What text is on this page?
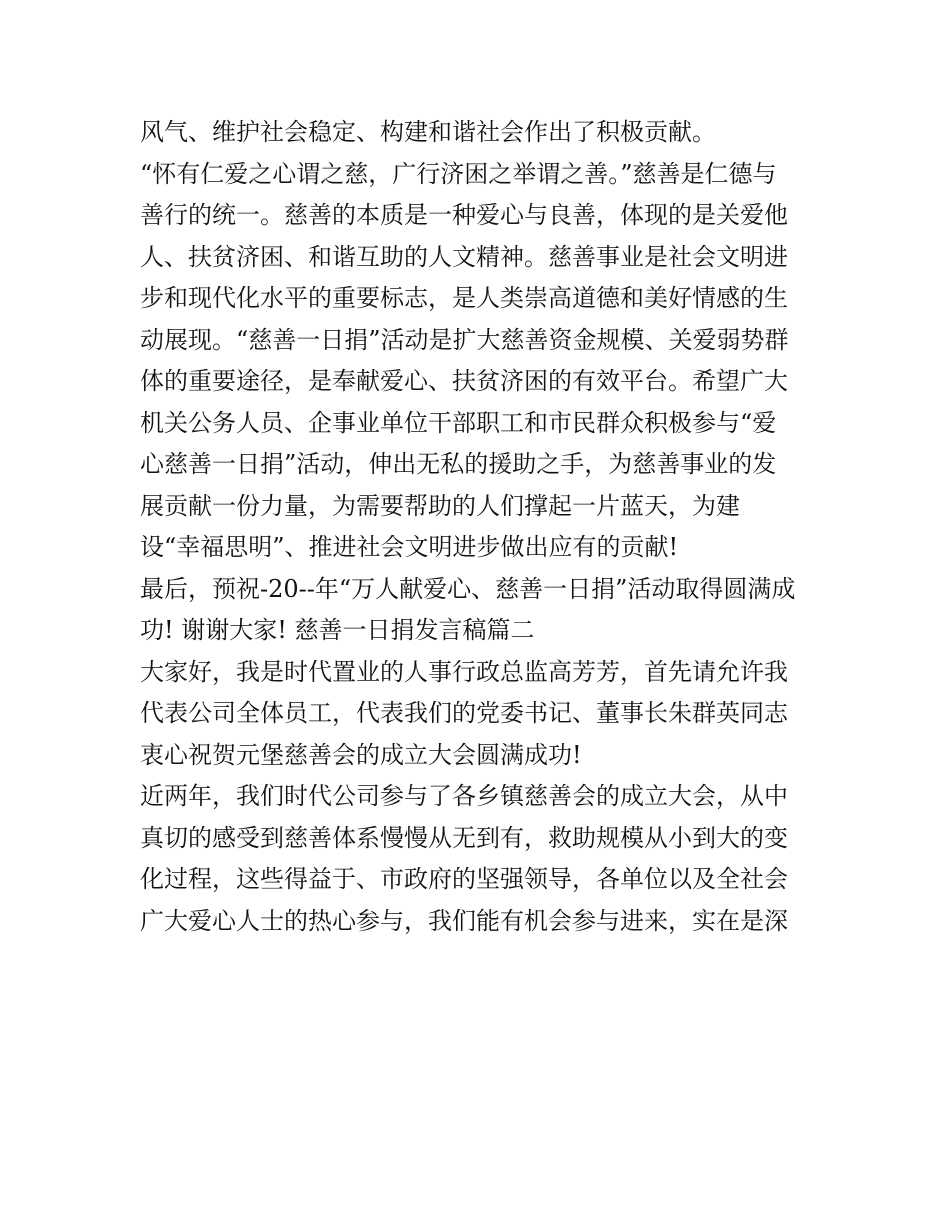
风气、维护社会稳定、构建和谐社会作出了积极贡献。
“怀有仁爱之心谓之慈，广行济困之举谓之善。”慈善是仁德与
善行的统一。慈善的本质是一种爱心与良善，体现的是关爱他
人、扶贫济困、和谐互助的人文精神。慈善事业是社会文明进
步和现代化水平的重要标志，是人类崇高道德和美好情感的生
动展现。“慈善一日捐”活动是扩大慈善资金规模、关爱弱势群
体的重要途径，是奉献爱心、扶贫济困的有效平台。希望广大
机关公务人员、企事业单位干部职工和市民群众积极参与“爱
心慈善一日捐”活动，伸出无私的援助之手，为慈善事业的发
展贡献一份力量，为需要帮助的人们撑起一片蓝天，为建
设“幸福思明”、推进社会文明进步做出应有的贡献!
最后，预祝-20--年“万人献爱心、慈善一日捐”活动取得圆满成
功! 谢谢大家! 慈善一日捐发言稿篇二
大家好，我是时代置业的人事行政总监高芳芳，首先请允许我
代表公司全体员工，代表我们的党委书记、董事长朱群英同志
衷心祝贺元堡慈善会的成立大会圆满成功!
近两年，我们时代公司参与了各乡镇慈善会的成立大会，从中
真切的感受到慈善体系慢慢从无到有，救助规模从小到大的变
化过程，这些得益于、市政府的坚强领导，各单位以及全社会
广大爱心人士的热心参与，我们能有机会参与进来，实在是深
